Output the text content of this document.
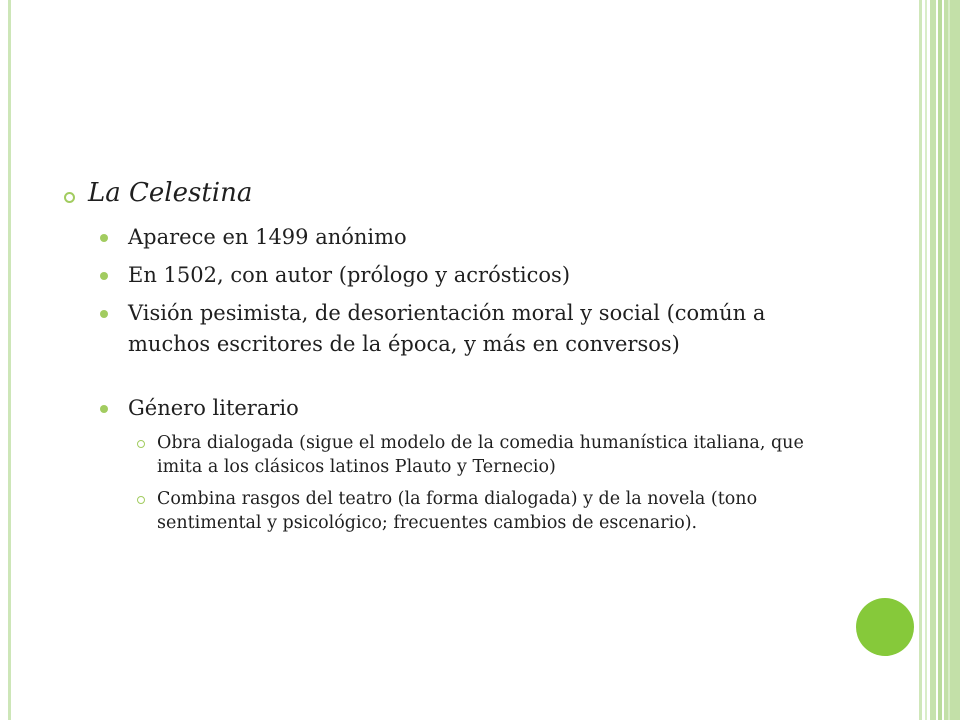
La Celestina
Aparece en 1499 anónimo
En 1502, con autor (prólogo y acrósticos)
Visión pesimista, de desorientación moral y social (común a muchos escritores de la época, y más en conversos)
Género literario
Obra dialogada (sigue el modelo de la comedia humanística italiana, que imita a los clásicos latinos Plauto y Ternecio)
Combina rasgos del teatro (la forma dialogada) y de la novela (tono sentimental y psicológico; frecuentes cambios de escenario).
